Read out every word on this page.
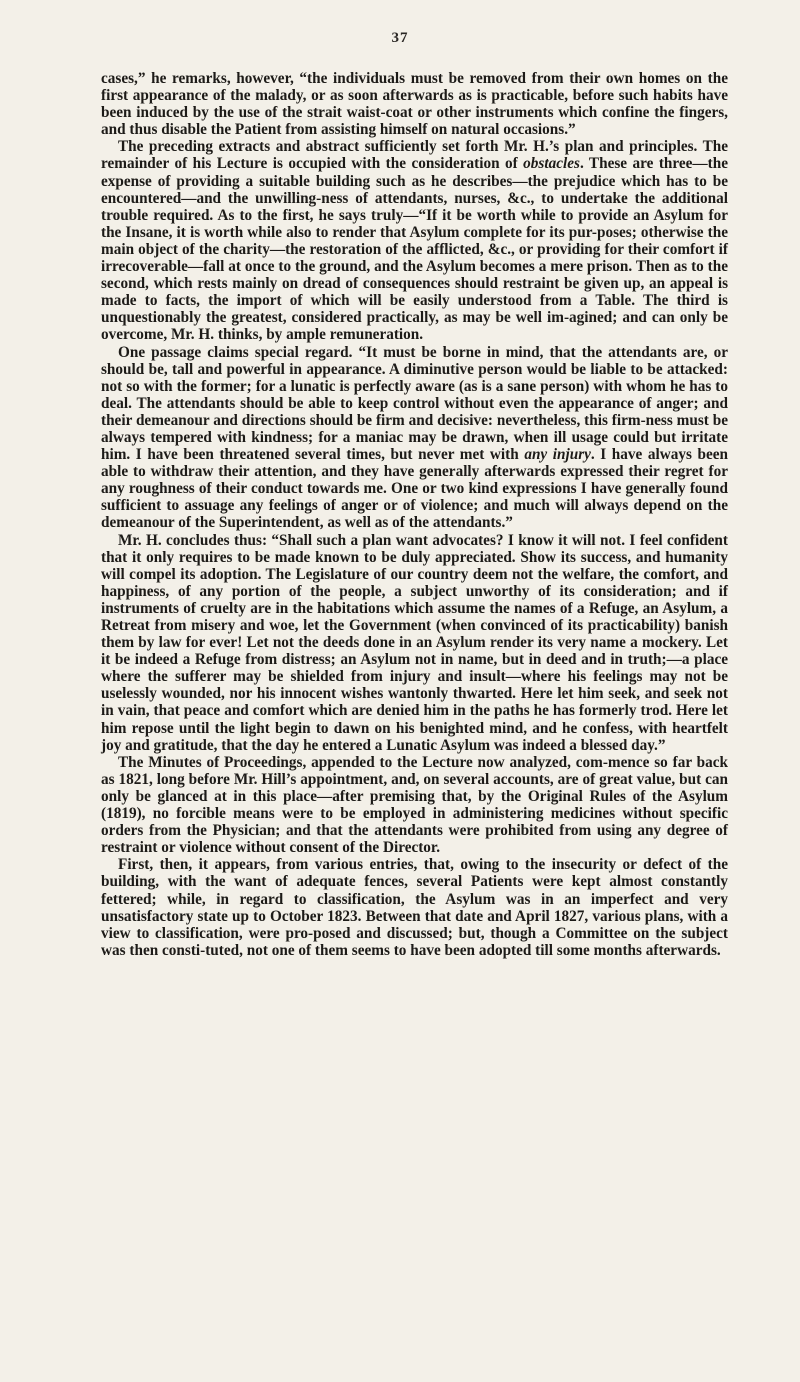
37

cases,” he remarks, however, “the individuals must be removed from their own homes on the first appearance of the malady, or as soon afterwards as is practicable, before such habits have been induced by the use of the strait waist-coat or other instruments which confine the fingers, and thus disable the Patient from assisting himself on natural occasions.”

The preceding extracts and abstract sufficiently set forth Mr. H.’s plan and principles. The remainder of his Lecture is occupied with the consideration of obstacles. These are three—the expense of providing a suitable building such as he describes—the prejudice which has to be encountered—and the unwilling-ness of attendants, nurses, &c., to undertake the additional trouble required. As to the first, he says truly—“If it be worth while to provide an Asylum for the Insane, it is worth while also to render that Asylum complete for its pur-poses; otherwise the main object of the charity—the restoration of the afflicted, &c., or providing for their comfort if irrecoverable—fall at once to the ground, and the Asylum becomes a mere prison. Then as to the second, which rests mainly on dread of consequences should restraint be given up, an appeal is made to facts, the import of which will be easily understood from a Table. The third is unquestionably the greatest, considered practically, as may be well im-agined; and can only be overcome, Mr. H. thinks, by ample remuneration.

One passage claims special regard. “It must be borne in mind, that the attendants are, or should be, tall and powerful in appearance. A diminutive person would be liable to be attacked: not so with the former; for a lunatic is perfectly aware (as is a sane person) with whom he has to deal. The attendants should be able to keep control without even the appearance of anger; and their demeanour and directions should be firm and decisive: nevertheless, this firm-ness must be always tempered with kindness; for a maniac may be drawn, when ill usage could but irritate him. I have been threatened several times, but never met with any injury. I have always been able to withdraw their attention, and they have generally afterwards expressed their regret for any roughness of their conduct towards me. One or two kind expressions I have generally found sufficient to assuage any feelings of anger or of violence; and much will always depend on the demeanour of the Superintendent, as well as of the attendants.”

Mr. H. concludes thus: “Shall such a plan want advocates? I know it will not. I feel confident that it only requires to be made known to be duly appreciated. Show its success, and humanity will compel its adoption. The Legislature of our country deem not the welfare, the comfort, and happiness, of any portion of the people, a subject unworthy of its consideration; and if instruments of cruelty are in the habitations which assume the names of a Refuge, an Asylum, a Retreat from misery and woe, let the Government (when convinced of its practicability) banish them by law for ever! Let not the deeds done in an Asylum render its very name a mockery. Let it be indeed a Refuge from distress; an Asylum not in name, but in deed and in truth;—a place where the sufferer may be shielded from injury and insult—where his feelings may not be uselessly wounded, nor his innocent wishes wantonly thwarted. Here let him seek, and seek not in vain, that peace and comfort which are denied him in the paths he has formerly trod. Here let him repose until the light begin to dawn on his benighted mind, and he confess, with heartfelt joy and gratitude, that the day he entered a Lunatic Asylum was indeed a blessed day.”

The Minutes of Proceedings, appended to the Lecture now analyzed, com-mence so far back as 1821, long before Mr. Hill’s appointment, and, on several accounts, are of great value, but can only be glanced at in this place—after premising that, by the Original Rules of the Asylum (1819), no forcible means were to be employed in administering medicines without specific orders from the Physician; and that the attendants were prohibited from using any degree of restraint or violence without consent of the Director.

First, then, it appears, from various entries, that, owing to the insecurity or defect of the building, with the want of adequate fences, several Patients were kept almost constantly fettered; while, in regard to classification, the Asylum was in an imperfect and very unsatisfactory state up to October 1823. Between that date and April 1827, various plans, with a view to classification, were pro-posed and discussed; but, though a Committee on the subject was then consti-tuted, not one of them seems to have been adopted till some months afterwards.
